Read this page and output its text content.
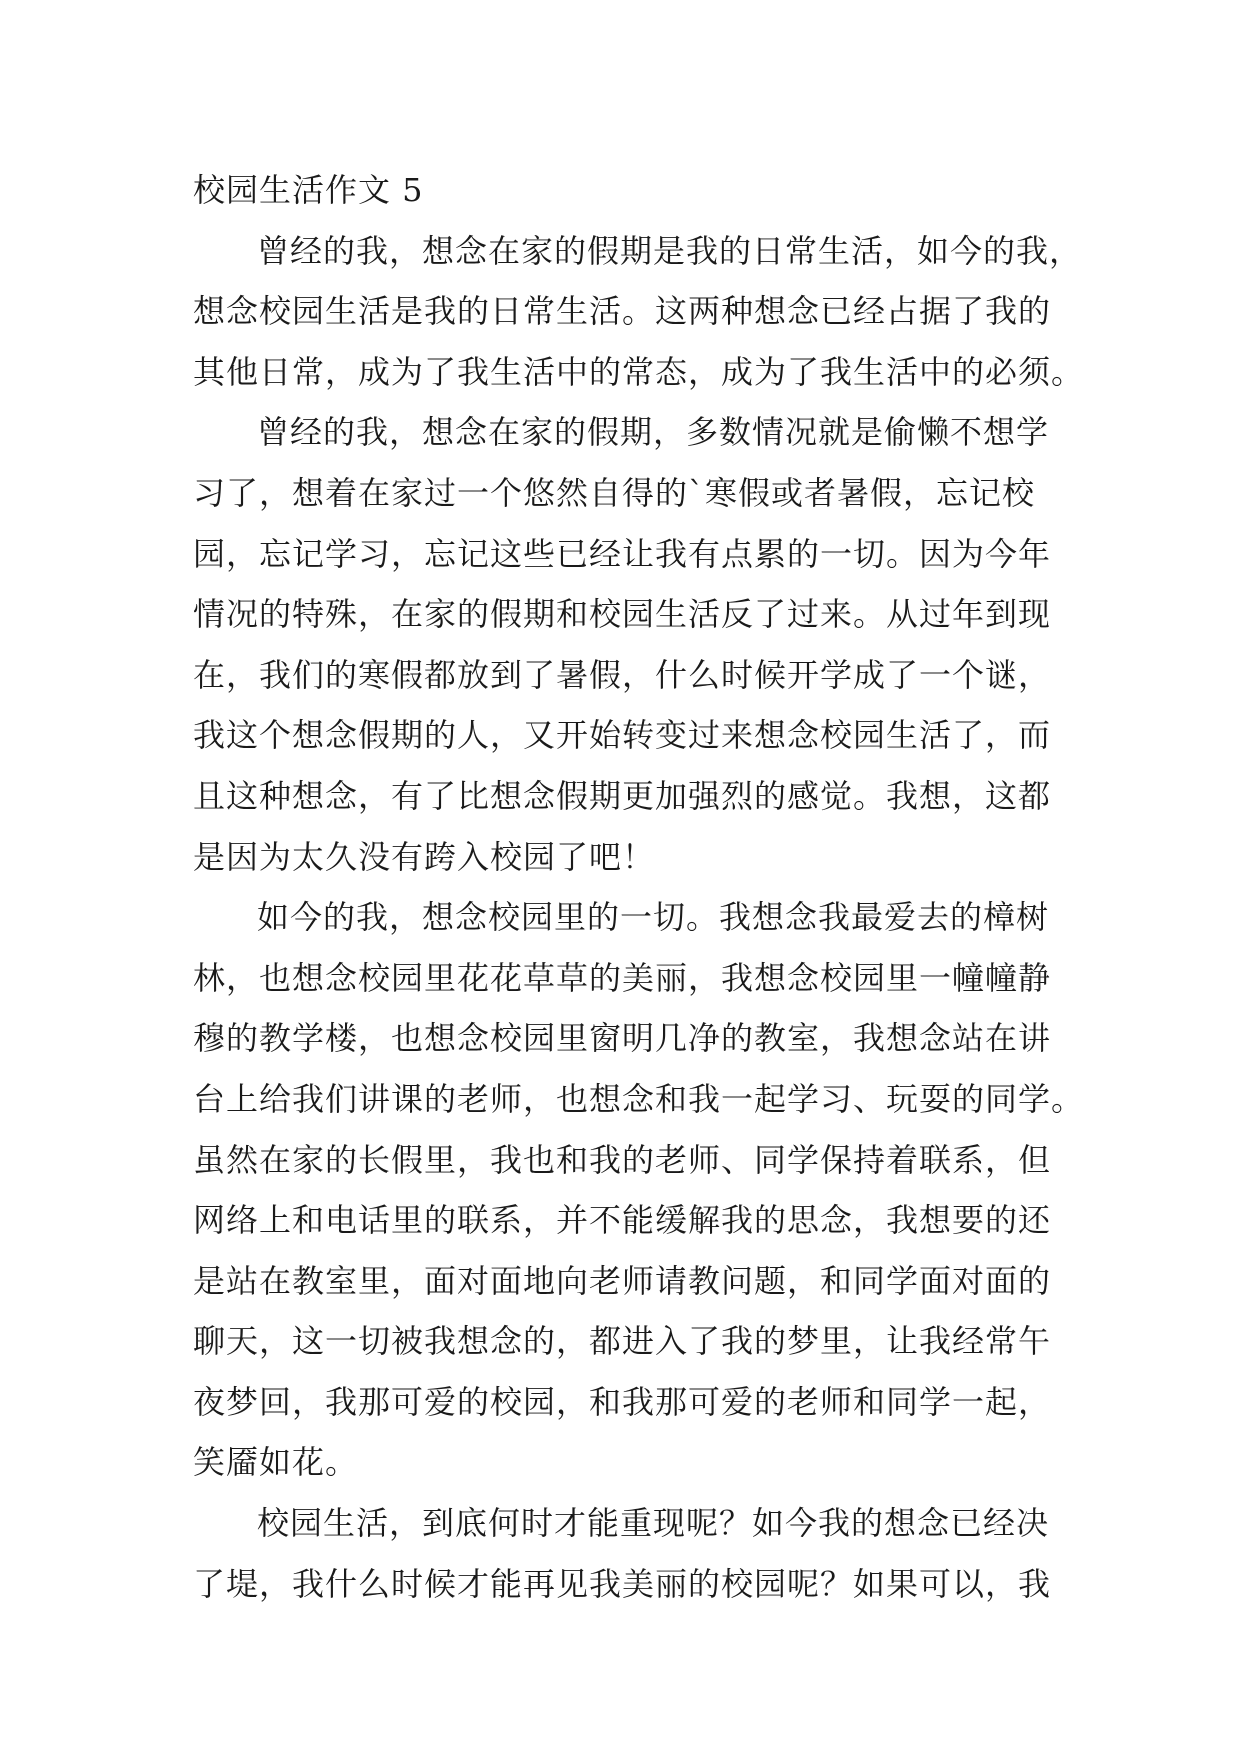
校园生活作文 5
曾经的我，想念在家的假期是我的日常生活，如今的我，
想念校园生活是我的日常生活。这两种想念已经占据了我的
其他日常，成为了我生活中的常态，成为了我生活中的必须。
曾经的我，想念在家的假期，多数情况就是偷懒不想学
习了，想着在家过一个悠然自得的`寒假或者暑假，忘记校
园，忘记学习，忘记这些已经让我有点累的一切。因为今年
情况的特殊，在家的假期和校园生活反了过来。从过年到现
在，我们的寒假都放到了暑假，什么时候开学成了一个谜，
我这个想念假期的人，又开始转变过来想念校园生活了，而
且这种想念，有了比想念假期更加强烈的感觉。我想，这都
是因为太久没有跨入校园了吧！
如今的我，想念校园里的一切。我想念我最爱去的樟树
林，也想念校园里花花草草的美丽，我想念校园里一幢幢静
穆的教学楼，也想念校园里窗明几净的教室，我想念站在讲
台上给我们讲课的老师，也想念和我一起学习、玩耍的同学。
虽然在家的长假里，我也和我的老师、同学保持着联系，但
网络上和电话里的联系，并不能缓解我的思念，我想要的还
是站在教室里，面对面地向老师请教问题，和同学面对面的
聊天，这一切被我想念的，都进入了我的梦里，让我经常午
夜梦回，我那可爱的校园，和我那可爱的老师和同学一起，
笑靥如花。
校园生活，到底何时才能重现呢？如今我的想念已经决
了堤，我什么时候才能再见我美丽的校园呢？如果可以，我
